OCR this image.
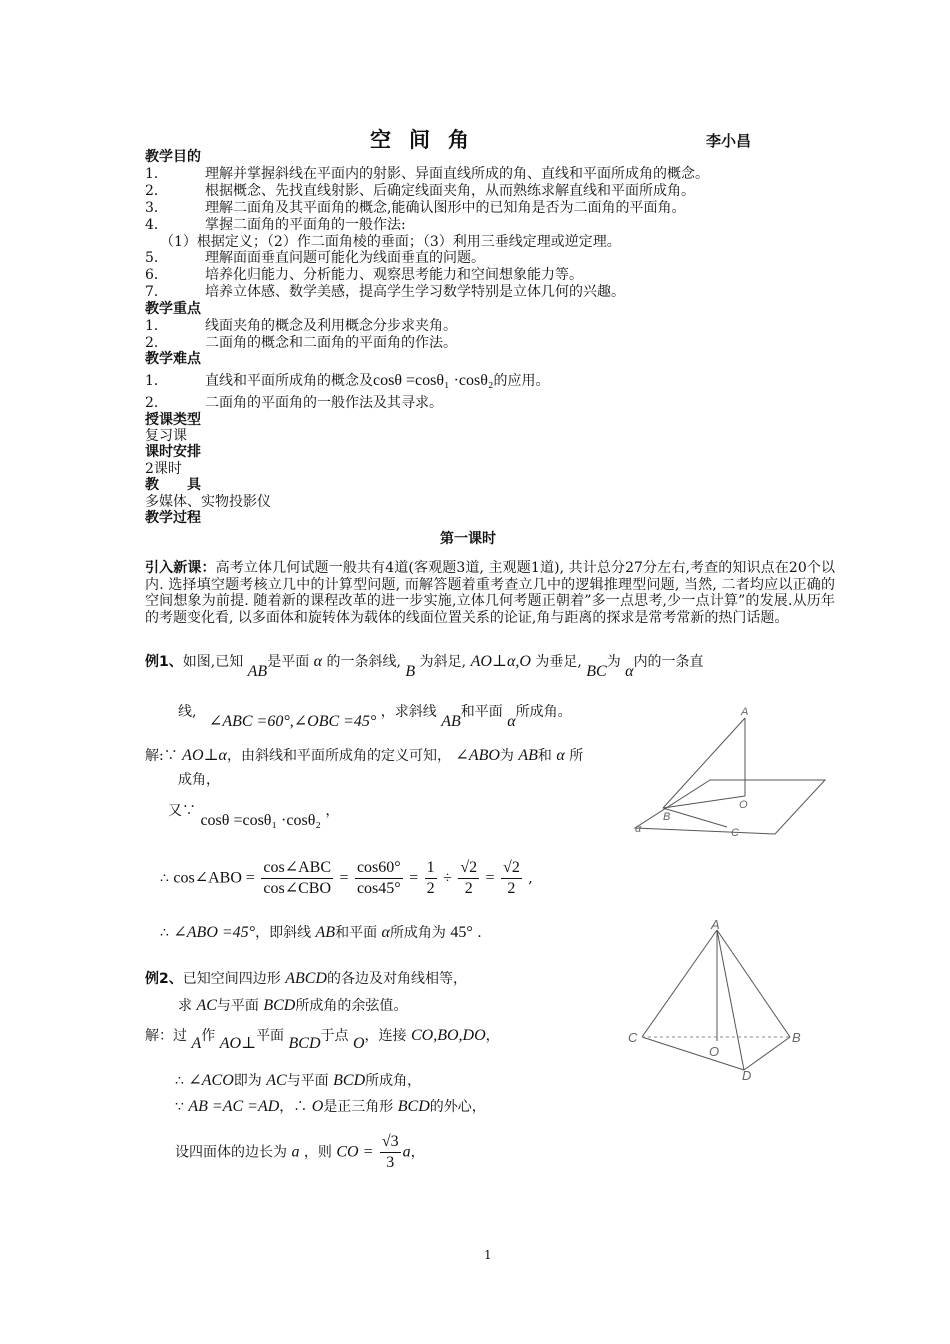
空间角	李小昌
教学目的
1．	理解并掌握斜线在平面内的射影、异面直线所成的角、直线和平面所成角的概念。
2．	根据概念、先找直线射影、后确定线面夹角，从而熟练求解直线和平面所成角。
3．	理解二面角及其平面角的概念,能确认图形中的已知角是否为二面角的平面角。
4．	掌握二面角的平面角的一般作法:
（1）根据定义；（2）作二面角棱的垂面；（3）利用三垂线定理或逆定理。
5．	理解面面垂直问题可能化为线面垂直的问题。
6．	培养化归能力、分析能力、观察思考能力和空间想象能力等。
7．	培养立体感、数学美感，提高学生学习数学特别是立体几何的兴趣。
教学重点
1．	线面夹角的概念及利用概念分步求夹角。
2．	二面角的概念和二面角的平面角的作法。
教学难点
1．	直线和平面所成角的概念及cosθ =cosθ₁ ·cosθ₂的应用。
2．	二面角的平面角的一般作法及其寻求。
授课类型
复习课
课时安排
2课时
教　　具
多媒体、实物投影仪
教学过程
第一课时
引入新课：高考立体几何试题一般共有4道(客观题3道, 主观题1道), 共计总分27分左右,考查的知识点在20个以内. 选择填空题考核立几中的计算型问题, 而解答题着重考查立几中的逻辑推理型问题, 当然, 二者均应以正确的空间想象为前提. 随着新的课程改革的进一步实施,立体几何考题正朝着”多一点思考,少一点计算”的发展.从历年的考题变化看, 以多面体和旋转体为载体的线面位置关系的论证,角与距离的探求是常考常新的热门话题。
例1、如图,已知 AB是平面 α 的一条斜线, B 为斜足, AO⊥α,O 为垂足, BC为 α内的一条直
线, ∠ABC =60°,∠OBC =45° ，求斜线 AB和平面 α所成角。
解:∵ AO⊥α，由斜线和平面所成角的定义可知， ∠ABO为 AB和 α 所
成角，
又∵ cosθ =cosθ₁ ·cosθ₂ ，
∴ cos∠ABO = $\frac{\text{cos∠ABC}}{\text{cos∠CBO}} = \frac{\cos 60^\circ}{\cos 45^\circ} = \frac{1}{2} \div \frac{√2}{2} = \frac{√2}{2}$ ,
∴ ∠ABO =45°，即斜线 AB和平面 α所成角为 45° .
A
O
B
C
α
例2、已知空间四边形 ABCD的各边及对角线相等，
求 AC与平面 BCD所成角的余弦值。
解：过 A作 AO⊥平面 BCD于点 O，连接 CO,BO,DO，
∴ ∠ACO即为 AC与平面 BCD所成角，
∵ AB =AC =AD，∴ O是正三角形 BCD的外心，
设四面体的边长为 a ，则 CO = $\frac{√3}{3}$ a，
A
C	B
O
D
1
